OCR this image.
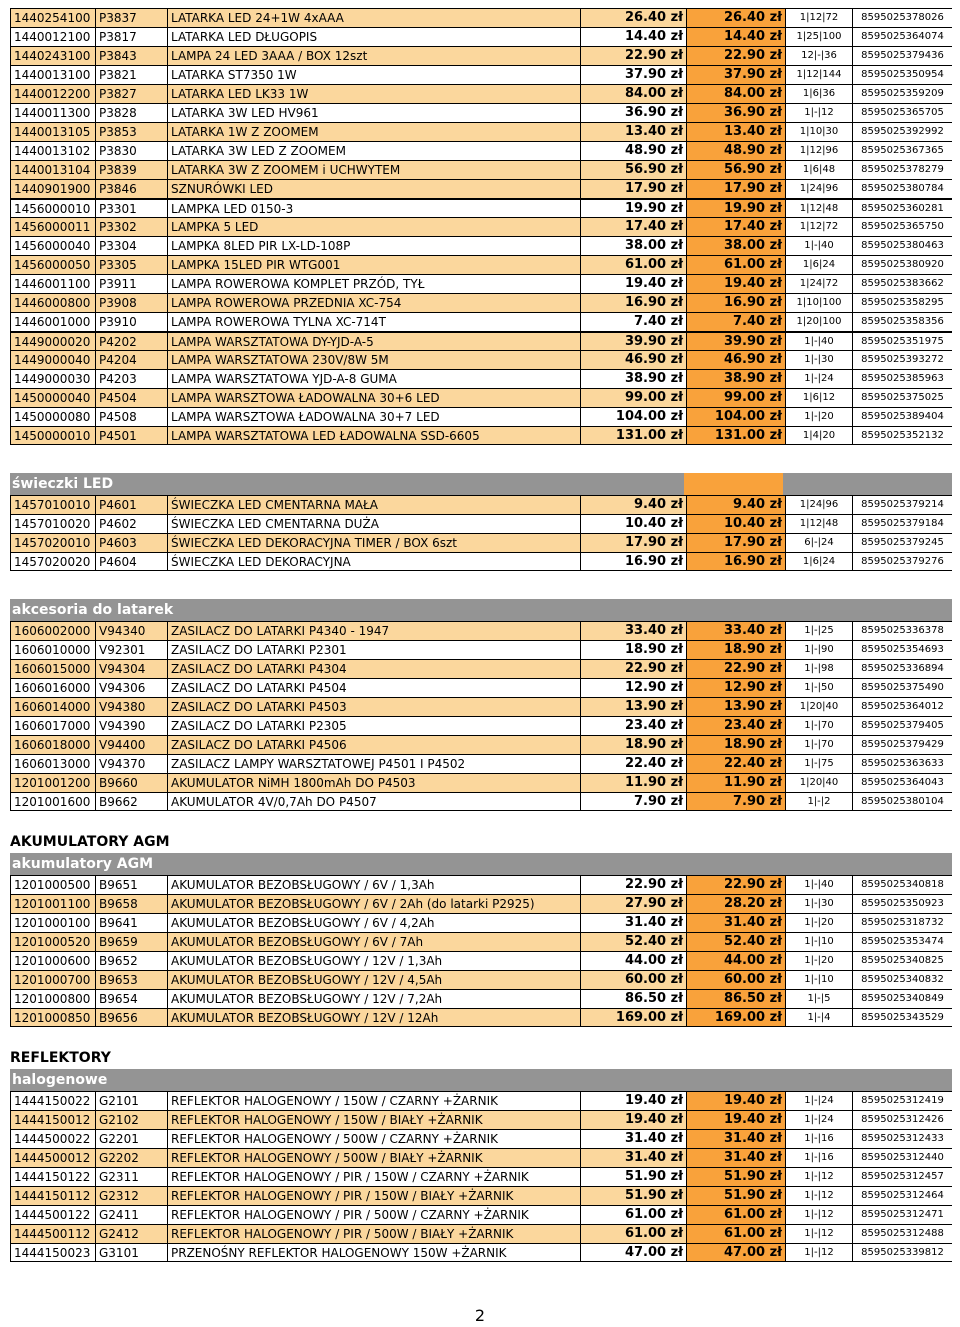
1440254100 P3837	LATARKA LED 24+1W 4xAAA	26.40 zł	26.40 zł	1|12|72	8595025378026
1440012100 P3817	LATARKA LED DŁUGOPIS	14.40 zł	14.40 zł	1|25|100	8595025364074
1440243100 P3843	LAMPA 24 LED 3AAA / BOX 12szt	22.90 zł	22.90 zł	12|-|36	8595025379436
1440013100 P3821	LATARKA ST7350 1W	37.90 zł	37.90 zł	1|12|144	8595025350954
1440012200 P3827	LATARKA LED LK33 1W	84.00 zł	84.00 zł	1|6|36	8595025359209
1440011300 P3828	LATARKA 3W LED HV961	36.90 zł	36.90 zł	1|-|12	8595025365705
1440013105 P3853	LATARKA 1W Z ZOOMEM	13.40 zł	13.40 zł	1|10|30	8595025392992
1440013102 P3830	LATARKA 3W LED Z ZOOMEM	48.90 zł	48.90 zł	1|12|96	8595025367365
1440013104 P3839	LATARKA 3W Z ZOOMEM i UCHWYTEM	56.90 zł	56.90 zł	1|6|48	8595025378279
1440901900 P3846	SZNURÓWKI LED	17.90 zł	17.90 zł	1|24|96	8595025380784
1456000010 P3301	LAMPKA LED 0150-3	19.90 zł	19.90 zł	1|12|48	8595025360281
1456000011 P3302	LAMPKA 5 LED	17.40 zł	17.40 zł	1|12|72	8595025365750
1456000040 P3304	LAMPKA 8LED PIR LX-LD-108P	38.00 zł	38.00 zł	1|-|40	8595025380463
1456000050 P3305	LAMPKA 15LED PIR WTG001	61.00 zł	61.00 zł	1|6|24	8595025380920
1446001100 P3911	LAMPA ROWEROWA KOMPLET PRZÓD, TYŁ	19.40 zł	19.40 zł	1|24|72	8595025383662
1446000800 P3908	LAMPA ROWEROWA PRZEDNIA XC-754	16.90 zł	16.90 zł	1|10|100	8595025358295
1446001000 P3910	LAMPA ROWEROWA TYLNA XC-714T	7.40 zł	7.40 zł	1|20|100	8595025358356
1449000020 P4202	LAMPA WARSZTATOWA DY-YJD-A-5	39.90 zł	39.90 zł	1|-|40	8595025351975
1449000040 P4204	LAMPA WARSZTATOWA 230V/8W 5M	46.90 zł	46.90 zł	1|-|30	8595025393272
1449000030 P4203	LAMPA WARSZTATOWA YJD-A-8 GUMA	38.90 zł	38.90 zł	1|-|24	8595025385963
1450000040 P4504	LAMPA WARSZTOWA ŁADOWALNA 30+6 LED	99.00 zł	99.00 zł	1|6|12	8595025375025
1450000080 P4508	LAMPA WARSZTOWA ŁADOWALNA 30+7 LED	104.00 zł	104.00 zł	1|-|20	8595025389404
1450000010 P4501	LAMPA WARSZTATOWA LED ŁADOWALNA SSD-6605	131.00 zł	131.00 zł	1|4|20	8595025352132
świeczki LED
1457010010 P4601	ŚWIECZKA LED CMENTARNA MAŁA	9.40 zł	9.40 zł	1|24|96	8595025379214
1457010020 P4602	ŚWIECZKA LED CMENTARNA DUŻA	10.40 zł	10.40 zł	1|12|48	8595025379184
1457020010 P4603	ŚWIECZKA LED DEKORACYJNA TIMER / BOX 6szt	17.90 zł	17.90 zł	6|-|24	8595025379245
1457020020 P4604	ŚWIECZKA LED DEKORACYJNA	16.90 zł	16.90 zł	1|6|24	8595025379276
akcesoria do latarek
1606002000 V94340	ZASILACZ DO LATARKI P4340 - 1947	33.40 zł	33.40 zł	1|-|25	8595025336378
1606010000 V92301	ZASILACZ DO LATARKI P2301	18.90 zł	18.90 zł	1|-|90	8595025354693
1606015000 V94304	ZASILACZ DO LATARKI P4304	22.90 zł	22.90 zł	1|-|98	8595025336894
1606016000 V94306	ZASILACZ DO LATARKI P4504	12.90 zł	12.90 zł	1|-|50	8595025375490
1606014000 V94380	ZASILACZ DO LATARKI P4503	13.90 zł	13.90 zł	1|20|40	8595025364012
1606017000 V94390	ZASILACZ DO LATARKI P2305	23.40 zł	23.40 zł	1|-|70	8595025379405
1606018000 V94400	ZASILACZ DO LATARKI P4506	18.90 zł	18.90 zł	1|-|70	8595025379429
1606013000 V94370	ZASILACZ LAMPY WARSZTATOWEJ P4501 I P4502	22.40 zł	22.40 zł	1|-|75	8595025363633
1201001200 B9660	AKUMULATOR NiMH 1800mAh DO P4503	11.90 zł	11.90 zł	1|20|40	8595025364043
1201001600 B9662	AKUMULATOR 4V/0,7Ah DO P4507	7.90 zł	7.90 zł	1|-|2	8595025380104
AKUMULATORY AGM
akumulatory AGM
1201000500 B9651	AKUMULATOR BEZOBSŁUGOWY / 6V / 1,3Ah	22.90 zł	22.90 zł	1|-|40	8595025340818
1201001100 B9658	AKUMULATOR BEZOBSŁUGOWY / 6V / 2Ah (do latarki P2925)	27.90 zł	28.20 zł	1|-|30	8595025350923
1201000100 B9641	AKUMULATOR BEZOBSŁUGOWY / 6V / 4,2Ah	31.40 zł	31.40 zł	1|-|20	8595025318732
1201000520 B9659	AKUMULATOR BEZOBSŁUGOWY / 6V / 7Ah	52.40 zł	52.40 zł	1|-|10	8595025353474
1201000600 B9652	AKUMULATOR BEZOBSŁUGOWY / 12V / 1,3Ah	44.00 zł	44.00 zł	1|-|20	8595025340825
1201000700 B9653	AKUMULATOR BEZOBSŁUGOWY / 12V / 4,5Ah	60.00 zł	60.00 zł	1|-|10	8595025340832
1201000800 B9654	AKUMULATOR BEZOBSŁUGOWY / 12V / 7,2Ah	86.50 zł	86.50 zł	1|-|5	8595025340849
1201000850 B9656	AKUMULATOR BEZOBSŁUGOWY / 12V / 12Ah	169.00 zł	169.00 zł	1|-|4	8595025343529
REFLEKTORY
halogenowe
1444150022 G2101	REFLEKTOR HALOGENOWY / 150W / CZARNY +ŻARNIK	19.40 zł	19.40 zł	1|-|24	8595025312419
1444150012 G2102	REFLEKTOR HALOGENOWY / 150W / BIAŁY +ŻARNIK	19.40 zł	19.40 zł	1|-|24	8595025312426
1444500022 G2201	REFLEKTOR HALOGENOWY / 500W / CZARNY +ŻARNIK	31.40 zł	31.40 zł	1|-|16	8595025312433
1444500012 G2202	REFLEKTOR HALOGENOWY / 500W / BIAŁY +ŻARNIK	31.40 zł	31.40 zł	1|-|16	8595025312440
1444150122 G2311	REFLEKTOR HALOGENOWY / PIR / 150W / CZARNY +ŻARNIK	51.90 zł	51.90 zł	1|-|12	8595025312457
1444150112 G2312	REFLEKTOR HALOGENOWY / PIR / 150W / BIAŁY +ŻARNIK	51.90 zł	51.90 zł	1|-|12	8595025312464
1444500122 G2411	REFLEKTOR HALOGENOWY / PIR / 500W / CZARNY +ŻARNIK	61.00 zł	61.00 zł	1|-|12	8595025312471
1444500112 G2412	REFLEKTOR HALOGENOWY / PIR / 500W / BIAŁY +ŻARNIK	61.00 zł	61.00 zł	1|-|12	8595025312488
1444150023 G3101	PRZENOŚNY REFLEKTOR HALOGENOWY 150W +ŻARNIK	47.00 zł	47.00 zł	1|-|12	8595025339812
2
